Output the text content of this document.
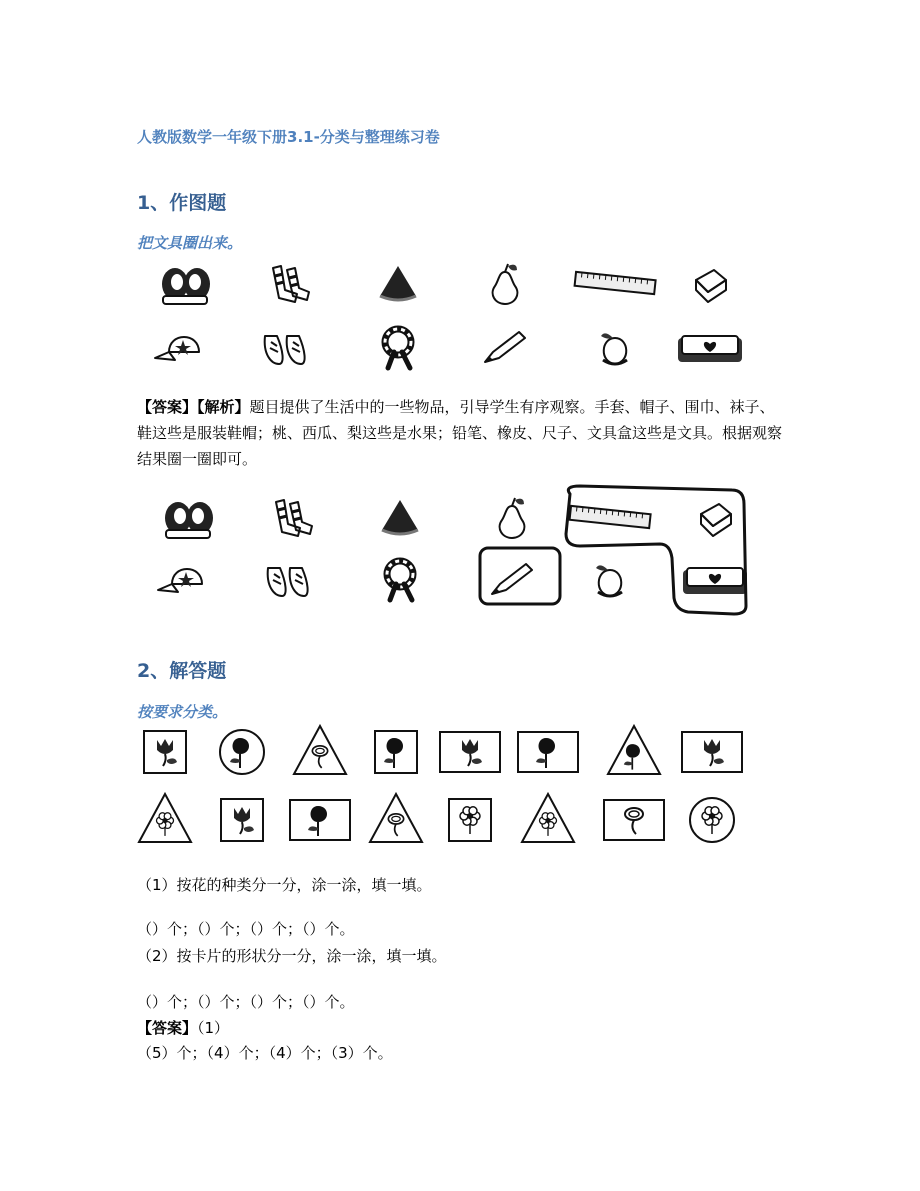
人教版数学一年级下册3.1-分类与整理练习卷
1、作图题
把文具圈出来。
【答案】【解析】题目提供了生活中的一些物品，引导学生有序观察。手套、帽子、围巾、袜子、鞋这些是服装鞋帽；桃、西瓜、梨这些是水果；铅笔、橡皮、尺子、文具盒这些是文具。根据观察结果圈一圈即可。
2、解答题
按要求分类。
（1）按花的种类分一分，涂一涂，填一填。
（）个；（）个；（）个；（）个。
（2）按卡片的形状分一分，涂一涂，填一填。
（）个；（）个；（）个；（）个。
【答案】（1）
（5）个；（4）个；（4）个；（3）个。
